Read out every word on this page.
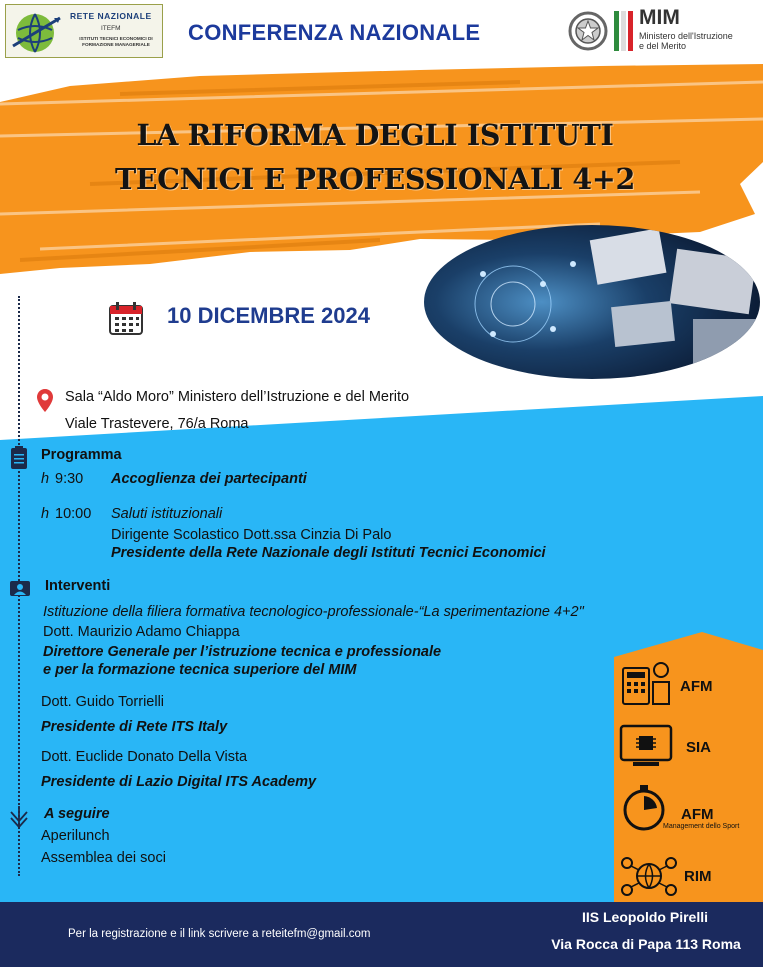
RETE NAZIONALE
ITEFM
ISTITUTI TECNICI ECONOMICI DI FORMAZIONE MANAGERIALE	CONFERENZA NAZIONALE
MIM
Ministero dell'Istruzione
e del Merito
LA RIFORMA DEGLI ISTITUTI
TECNICI E PROFESSIONALI 4+2
10 DICEMBRE 2024
Sala “Aldo Moro” Ministero dell’Istruzione e del Merito
Viale Trastevere, 76/a Roma
Programma
h 9:30 Accoglienza dei partecipanti
h 10:00 Saluti istituzionali
Dirigente Scolastico Dott.ssa Cinzia Di Palo
Presidente della Rete Nazionale degli Istituti Tecnici Economici
Interventi
Istituzione della filiera formativa tecnologico-professionale-“La sperimentazione 4+2"
Dott. Maurizio Adamo Chiappa
Direttore Generale per l’istruzione tecnica e professionale
e per la formazione tecnica superiore del MIM
Dott. Guido Torrielli
Presidente di Rete ITS Italy
Dott. Euclide Donato Della Vista
Presidente di Lazio Digital ITS Academy
A seguire
Aperilunch
Assemblea dei soci
AFM
SIA
AFM
Management dello Sport
RIM
Per la registrazione e il link scrivere a reteitefm@gmail.com
IIS Leopoldo Pirelli
Via Rocca di Papa 113 Roma
